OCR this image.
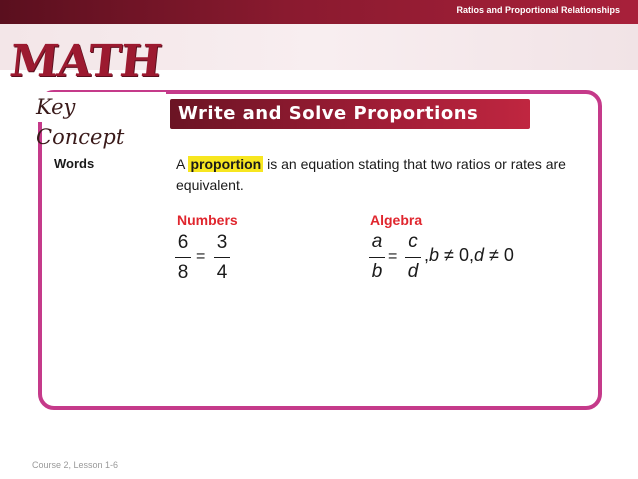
Ratios and Proportional Relationships
MATH
Key Concept
Write and Solve Proportions
Words	A proportion is an equation stating that two ratios or rates are equivalent.
Numbers
6
8
=
3
4
Algebra
a
b
=
c
d
,b ≠ 0,d ≠ 0
Course 2, Lesson 1-6
